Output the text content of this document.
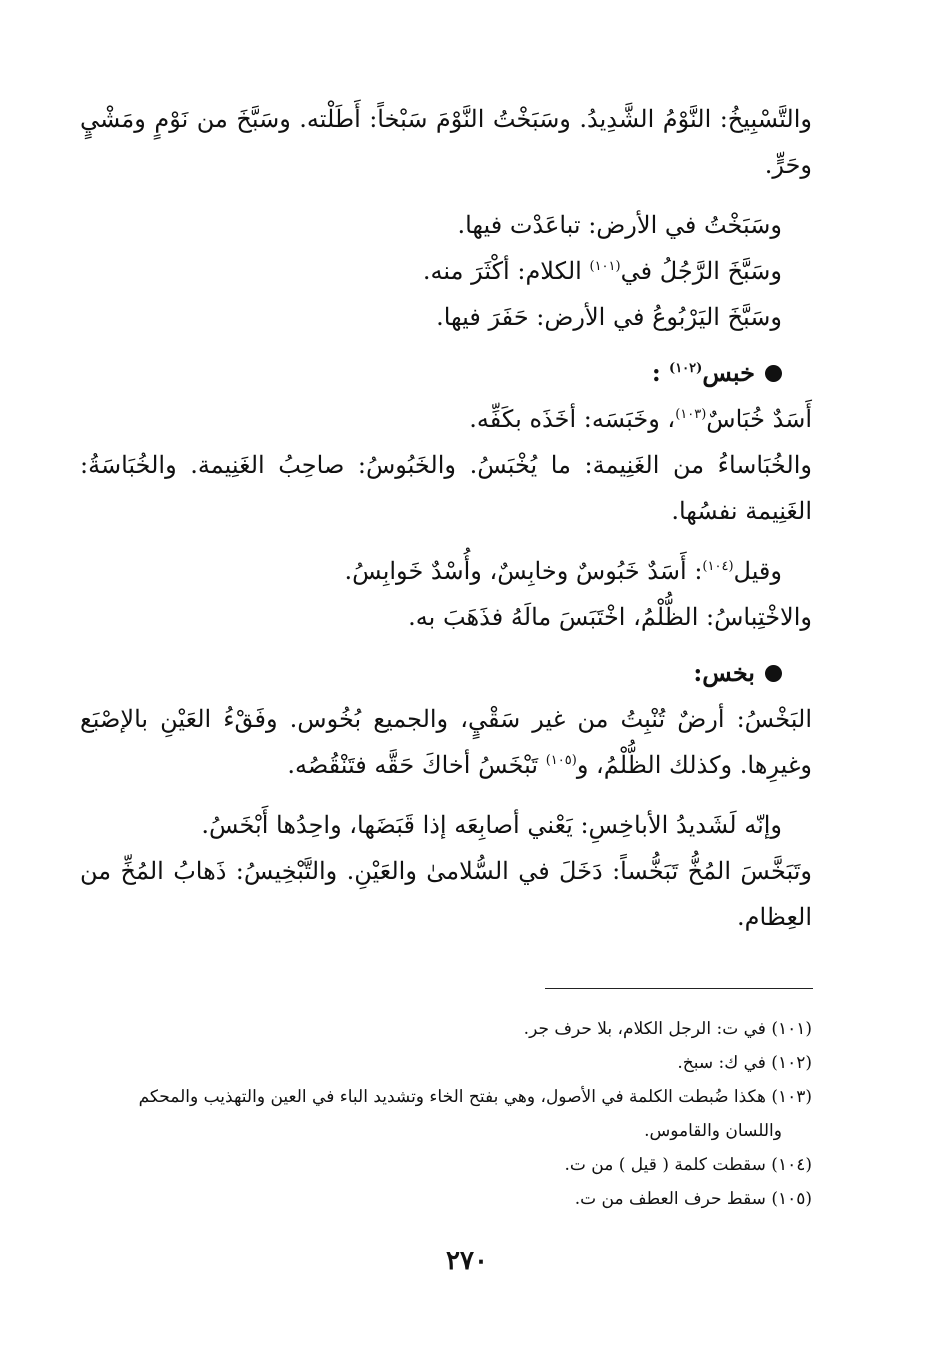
والتَّسْبِيخُ: النَّوْمُ الشَّدِيدُ. وسَبَخْتُ النَّوْمَ سَبْخاً: أَطَلْته. وسَبَّخَ من نَوْمٍ ومَشْيٍ وحَرٍّ.

وسَبَخْتُ في الأرض: تباعَدْت فيها.

وسَبَّخَ الرَّجُلُ في$^{(١٠١)}$ الكلام: أكْثَرَ منه.

وسَبَّخَ اليَرْبُوعُ في الأرض: حَفَرَ فيها.

خبس$^{(١٠٢)}$ :

أَسَدٌ خُبَاسٌ$^{(١٠٣)}$، وخَبَسَه: أخَذَه بكَفِّه.

والخُبَاساءُ من الغَنِيمة: ما يُخْبَسُ. والخَبُوسُ: صاحِبُ الغَنِيمة. والخُبَاسَةُ: الغَنِيمة نفسُها.

وقيل$^{(١٠٤)}$: أَسَدٌ خَبُوسٌ وخابِسٌ، وأُسْدٌ خَوابِسُ.

والاخْتِباسُ: الظُّلْمُ، اخْتَبَسَ مالَهُ فذَهَبَ به.

بخس:

البَخْسُ: أرضٌ تُنْبِتُ من غير سَقْيٍ، والجميع بُخُوس. وفَقْءُ العَيْنِ بالإصْبَع وغيرِها. وكذلك الظُّلْمُ، و$^{(١٠٥)}$ تَبْخَسُ أخاكَ حَقَّه فتَنْقُصُه.

وإنّه لَشَديدُ الأباخِسِ: يَعْني أصابِعَه إذا قَبَضَها، واحِدُها أَبْخَسُ.

وتَبَخَّسَ المُخُّ تَبَخُّساً: دَخَلَ في السُّلامىٰ والعَيْنِ. والتَّبْخِيسُ: ذَهابُ المُخِّ من العِظام.

(١٠١) في ت: الرجل الكلام، بلا حرف جر.

(١٠٢) في ك: سبخ.

(١٠٣) هكذا ضُبطت الكلمة في الأصول، وهي بفتح الخاء وتشديد الباء في العين والتهذيب والمحكم

واللسان والقاموس.

(١٠٤) سقطت كلمة ( قيل ) من ت.

(١٠٥) سقط حرف العطف من ت.

٢٧٠
